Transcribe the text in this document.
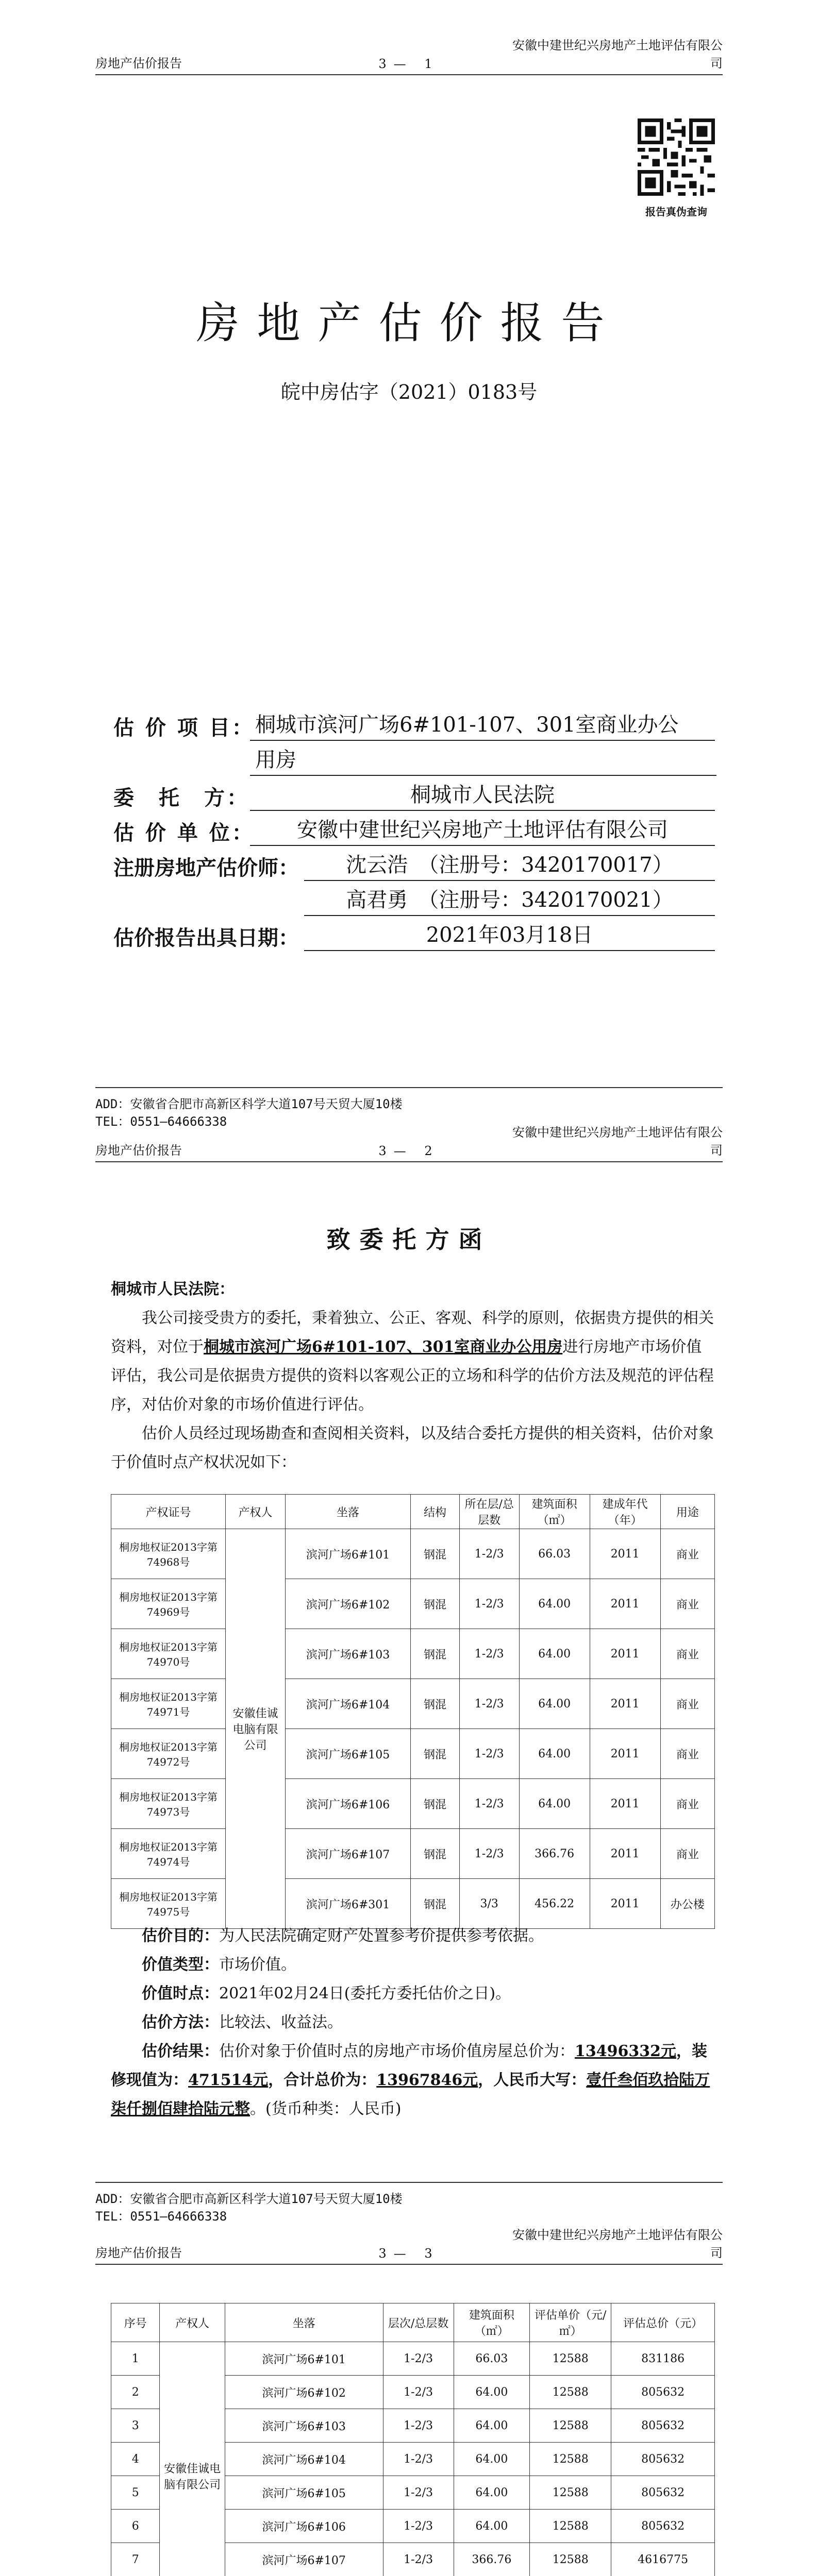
房地产估价报告	3— 1
安徽中建世纪兴房地产土地评估有限公司
报告真伪查询
房地产估价报告
皖中房估字（2021）0183号
估 价 项 目： 桐城市滨河广场6#101-107、301室商业办公
用房
委　托　方：	桐城市人民法院
估 价 单 位：	安徽中建世纪兴房地产土地评估有限公司
注册房地产估价师：	沈云浩　（注册号：3420170017）
高君勇　（注册号：3420170021）
估价报告出具日期：	2021年03月18日
ADD：安徽省合肥市高新区科学大道107号天贸大厦10楼
TEL：0551—64666338
房地产估价报告	3— 2
安徽中建世纪兴房地产土地评估有限公司
致委托方函
桐城市人民法院：
我公司接受贵方的委托，秉着独立、公正、客观、科学的原则，依据贵方提供的相关资料，对位于桐城市滨河广场6#101-107、301室商业办公用房进行房地产市场价值评估，我公司是依据贵方提供的资料以客观公正的立场和科学的估价方法及规范的评估程序，对估价对象的市场价值进行评估。
估价人员经过现场勘查和查阅相关资料，以及结合委托方提供的相关资料，估价对象于价值时点产权状况如下：
产权证号	产权人	坐落	结构	所在层/总层数	建筑面积（㎡）	建成年代（年）	用途
桐房地权证2013字第74968号	安徽佳诚电脑有限公司	滨河广场6#101	钢混	1-2/3	66.03	2011	商业
桐房地权证2013字第74969号		滨河广场6#102	钢混	1-2/3	64.00	2011	商业
桐房地权证2013字第74970号		滨河广场6#103	钢混	1-2/3	64.00	2011	商业
桐房地权证2013字第74971号		滨河广场6#104	钢混	1-2/3	64.00	2011	商业
桐房地权证2013字第74972号		滨河广场6#105	钢混	1-2/3	64.00	2011	商业
桐房地权证2013字第74973号		滨河广场6#106	钢混	1-2/3	64.00	2011	商业
桐房地权证2013字第74974号		滨河广场6#107	钢混	1-2/3	366.76	2011	商业
桐房地权证2013字第74975号		滨河广场6#301	钢混	3/3	456.22	2011	办公楼
估价目的：为人民法院确定财产处置参考价提供参考依据。
价值类型：市场价值。
价值时点：2021年02月24日(委托方委托估价之日)。
估价方法：比较法、收益法。
估价结果：估价对象于价值时点的房地产市场价值房屋总价为：13496332元，装修现值为：471514元，合计总价为：13967846元，人民币大写：壹仟叁佰玖拾陆万柒仟捌佰肆拾陆元整。(货币种类：人民币)
ADD：安徽省合肥市高新区科学大道107号天贸大厦10楼
TEL：0551—64666338
房地产估价报告	3— 3
安徽中建世纪兴房地产土地评估有限公司
序号	产权人	坐落	层次/总层数	建筑面积（㎡）	评估单价（元/㎡）	评估总价（元）
1	安徽佳诚电脑有限公司	滨河广场6#101	1-2/3	66.03	12588	831186
2		滨河广场6#102	1-2/3	64.00	12588	805632
3		滨河广场6#103	1-2/3	64.00	12588	805632
4		滨河广场6#104	1-2/3	64.00	12588	805632
5		滨河广场6#105	1-2/3	64.00	12588	805632
6		滨河广场6#106	1-2/3	64.00	12588	805632
7		滨河广场6#107	1-2/3	366.76	12588	4616775
